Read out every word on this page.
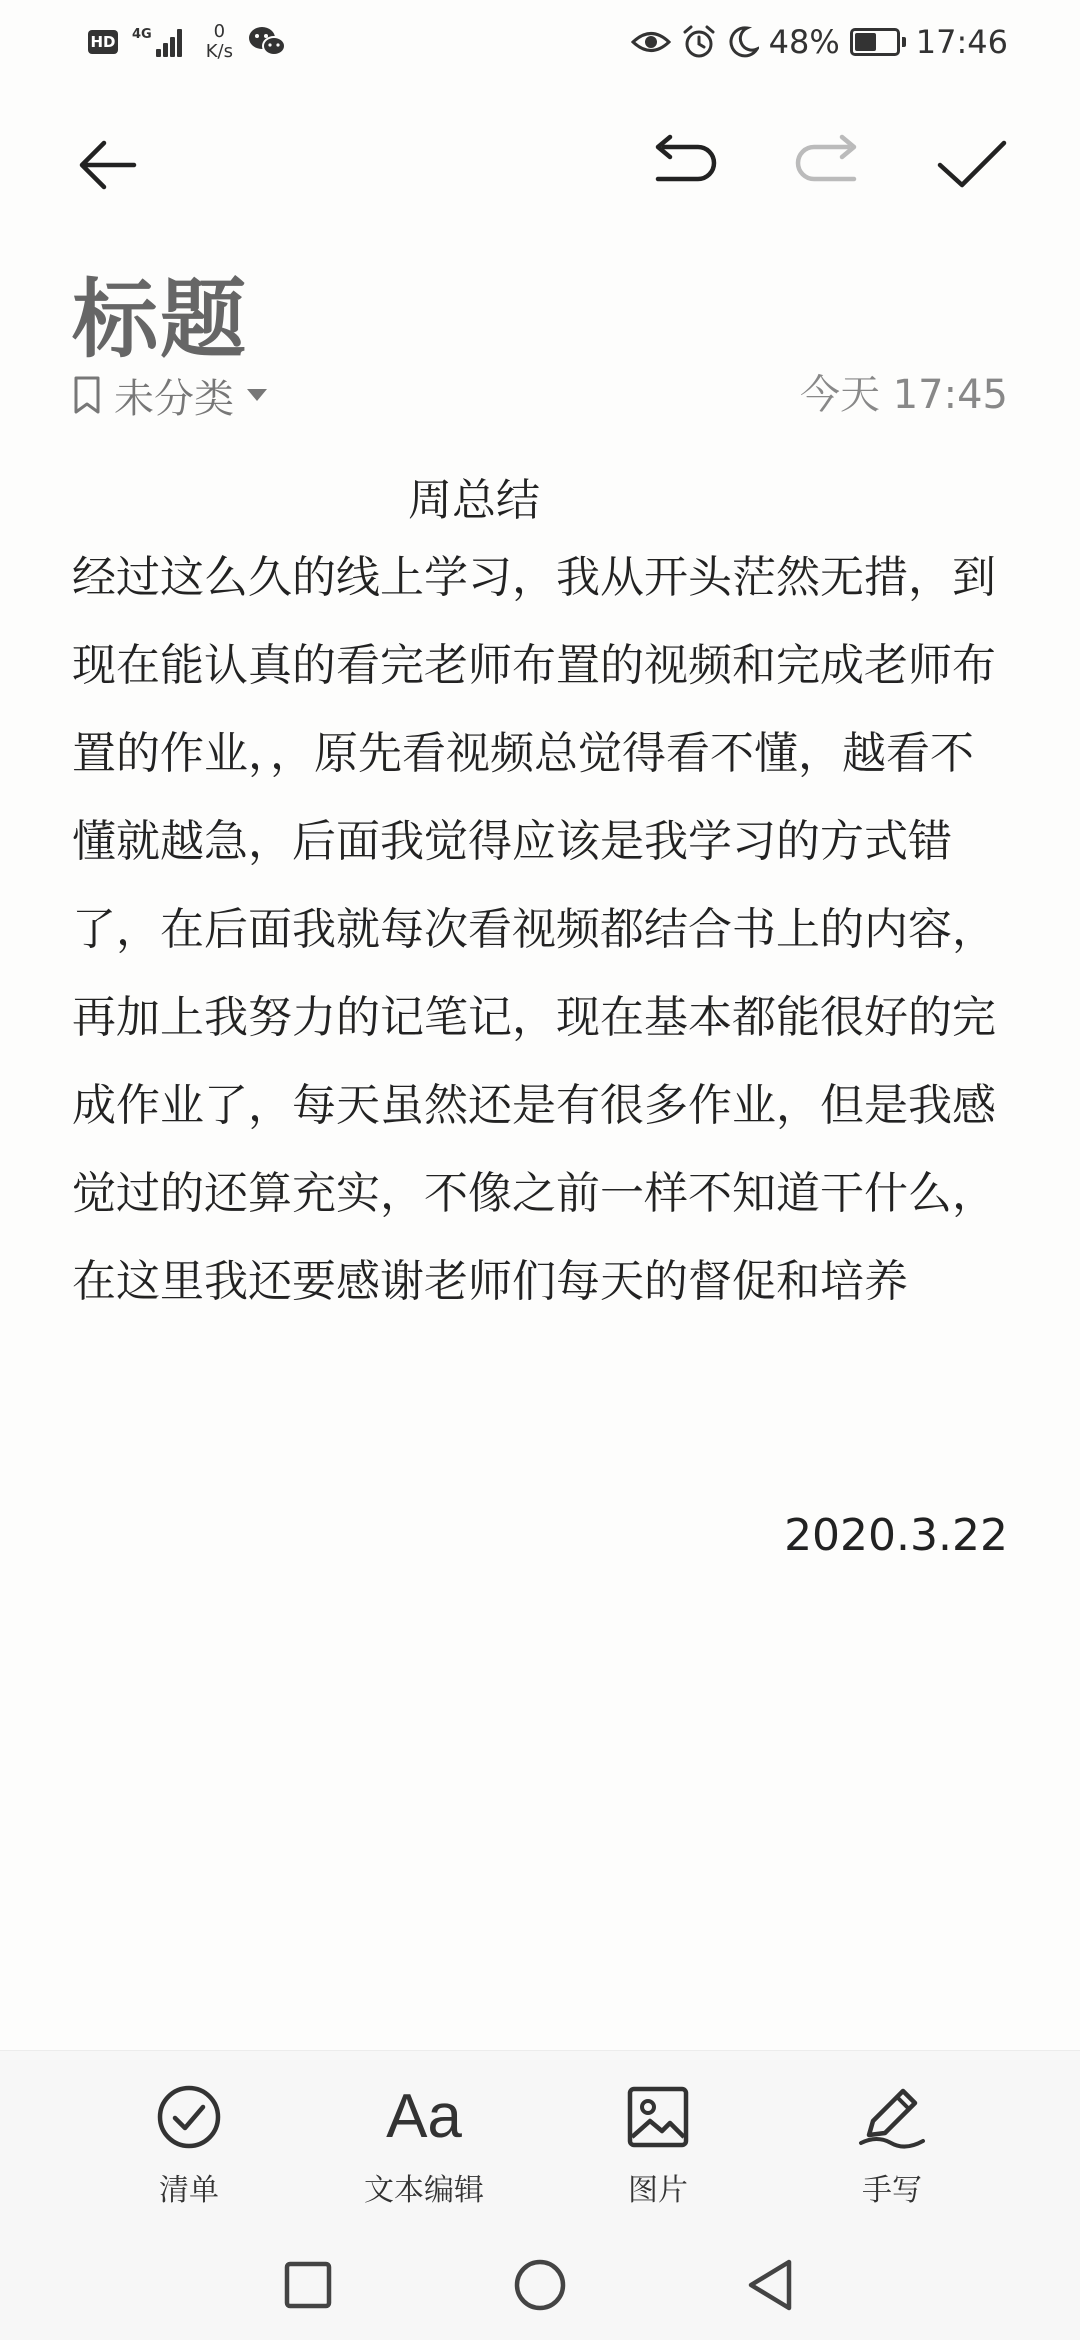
HD 4G	0
K/s	48% 17:46
标题
未分类	今天 17:45

周总结

经过这么久的线上学习，我从开头茫然无措，到现在能认真的看完老师布置的视频和完成老师布置的作业，，原先看视频总觉得看不懂，越看不懂就越急，后面我觉得应该是我学习的方式错了，在后面我就每次看视频都结合书上的内容，再加上我努力的记笔记，现在基本都能很好的完成作业了，每天虽然还是有很多作业，但是我感觉过的还算充实，不像之前一样不知道干什么，在这里我还要感谢老师们每天的督促和培养

2020.3.22
清单
Aa
文本编辑	图片	手写
